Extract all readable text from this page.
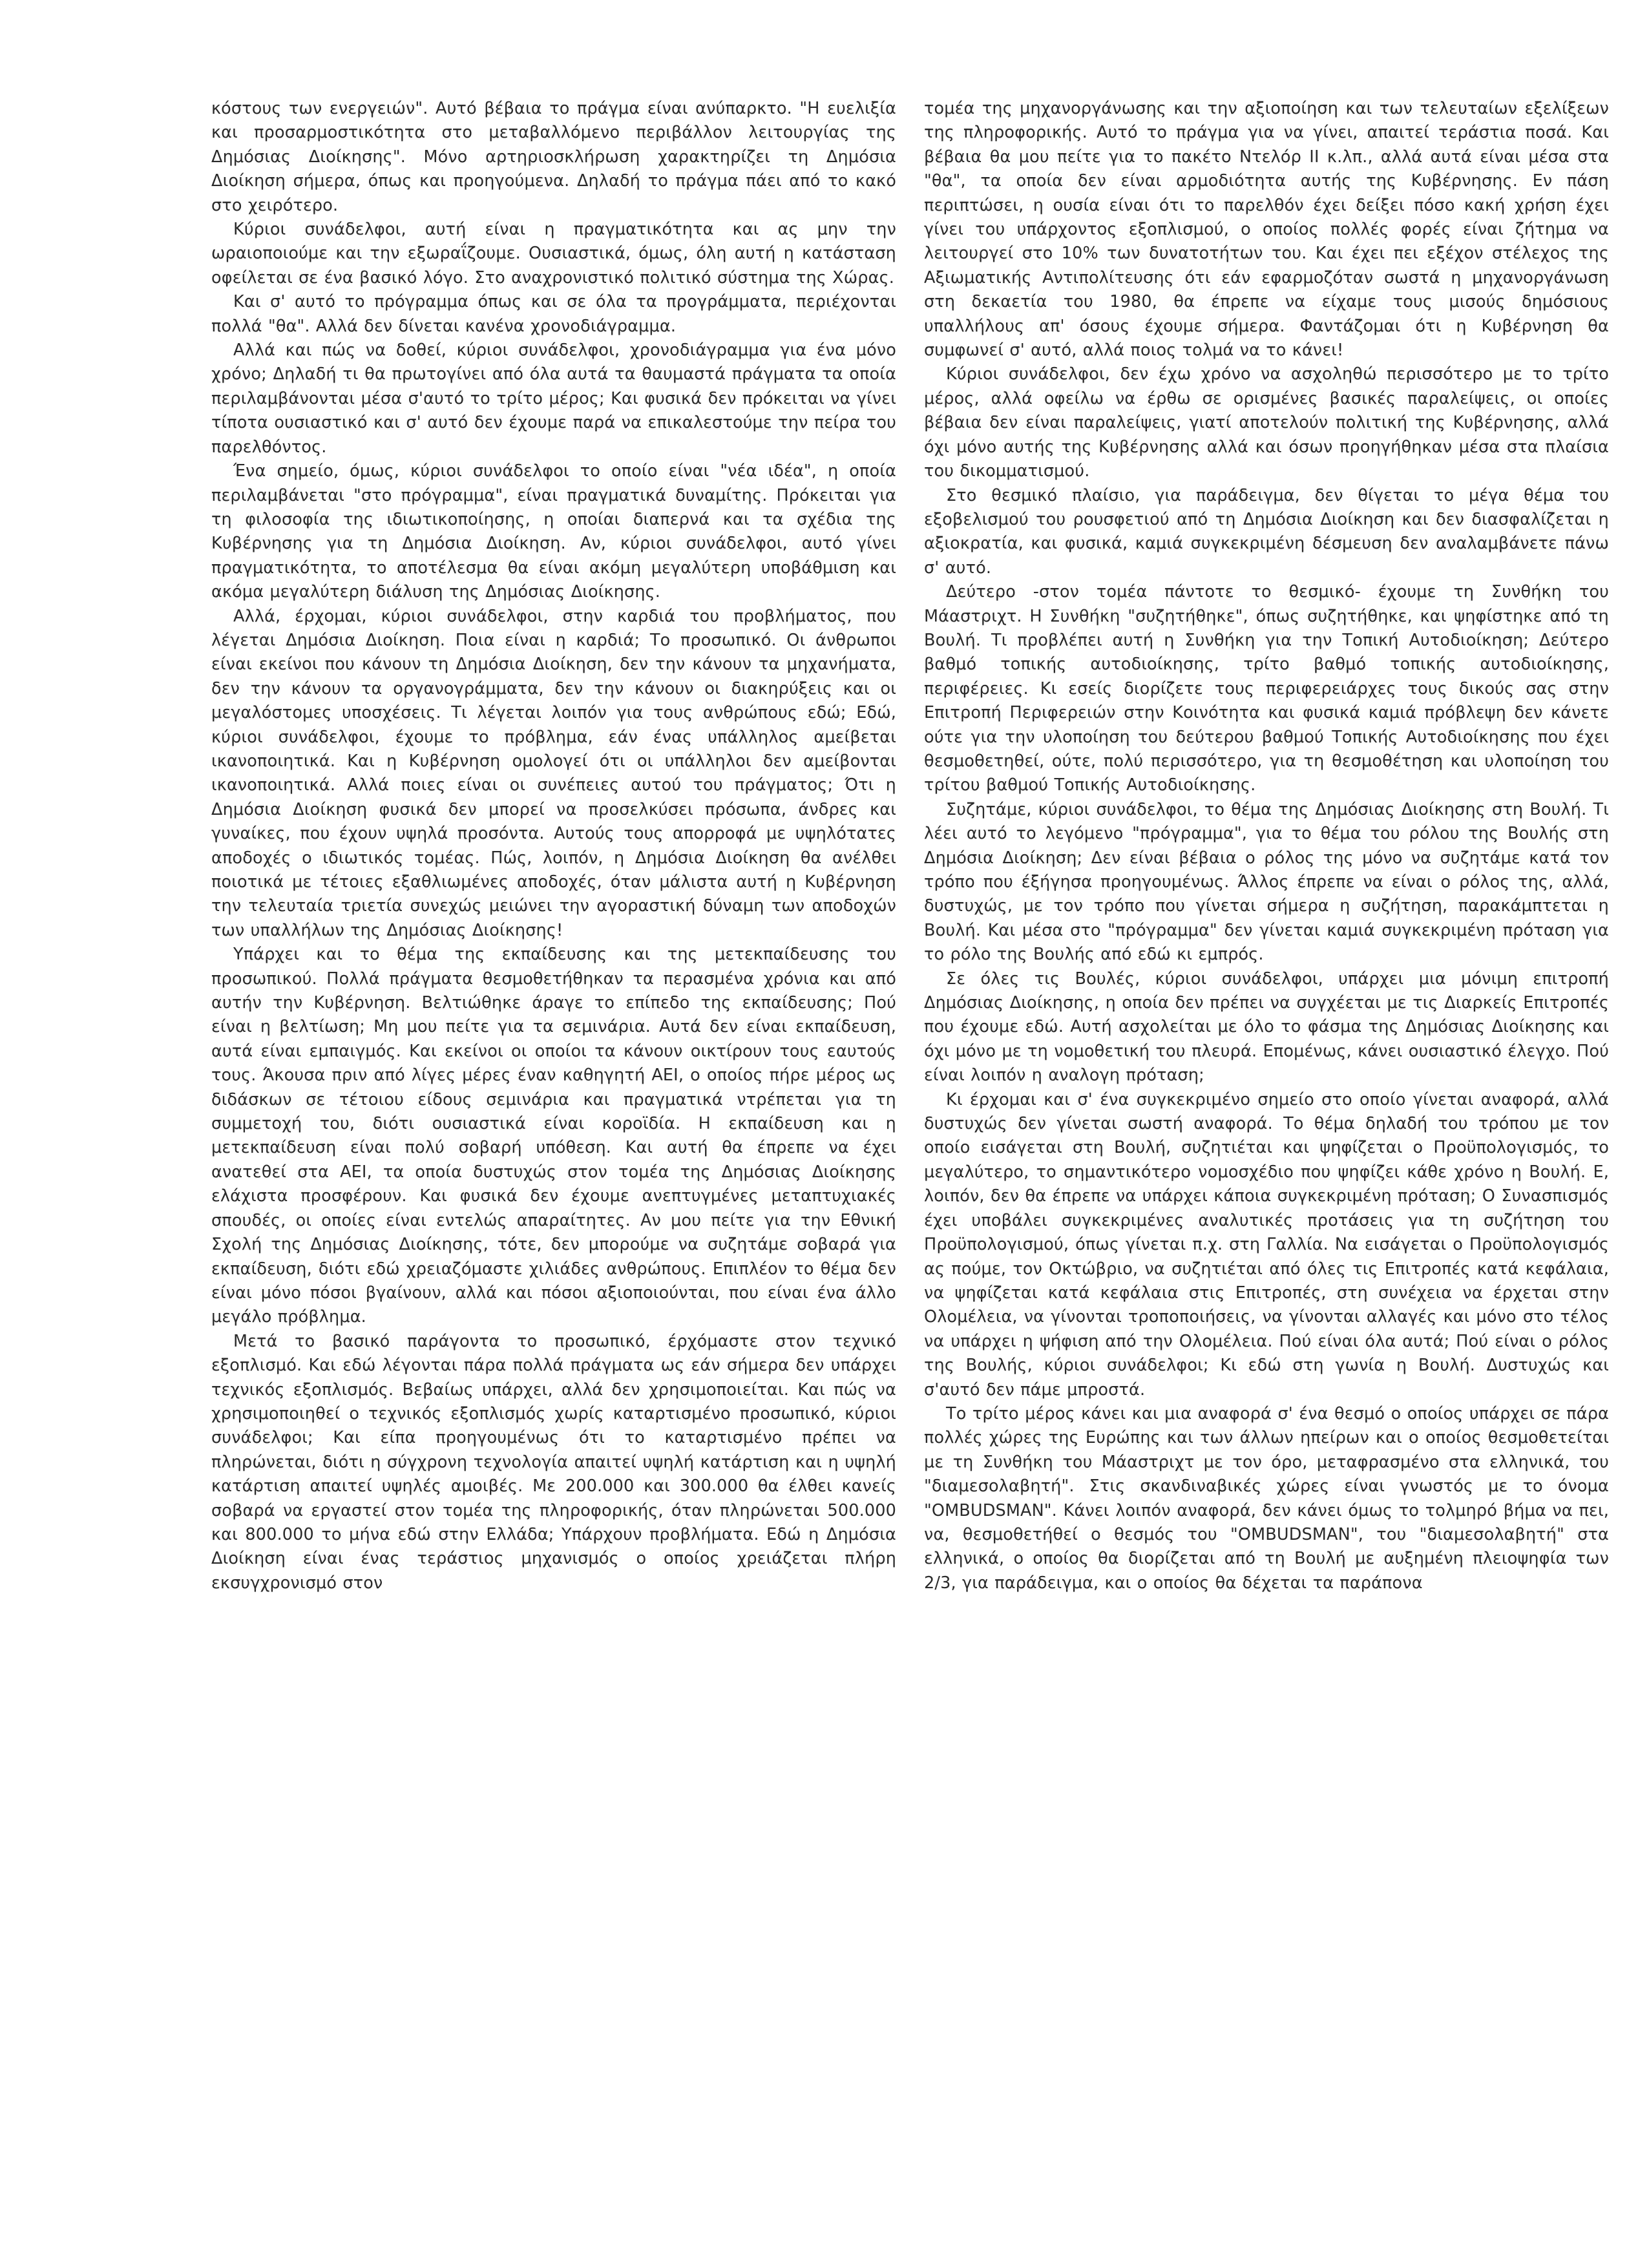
κόστους των ενεργειών". Αυτό βέβαια το πράγμα είναι ανύπαρκτο. "Η ευελιξία και προσαρμοστικότητα στο μεταβαλλόμενο περιβάλλον λειτουργίας της Δημόσιας Διοίκησης". Μόνο αρτηριοσκλήρωση χαρακτηρίζει τη Δημόσια Διοίκηση σήμερα, όπως και προηγούμενα. Δηλαδή το πράγμα πάει από το κακό στο χειρότερο.

Κύριοι συνάδελφοι, αυτή είναι η πραγματικότητα και ας μην την ωραιοποιούμε και την εξωραΐζουμε. Ουσιαστικά, όμως, όλη αυτή η κατάσταση οφείλεται σε ένα βασικό λόγο. Στο αναχρονιστικό πολιτικό σύστημα της Χώρας.

Και σ' αυτό το πρόγραμμα όπως και σε όλα τα προγράμματα, περιέχονται πολλά "θα". Αλλά δεν δίνεται κανένα χρονοδιάγραμμα.

Αλλά και πώς να δοθεί, κύριοι συνάδελφοι, χρονοδιάγραμμα για ένα μόνο χρόνο; Δηλαδή τι θα πρωτογίνει από όλα αυτά τα θαυμαστά πράγματα τα οποία περιλαμβάνονται μέσα σ'αυτό το τρίτο μέρος; Και φυσικά δεν πρόκειται να γίνει τίποτα ουσιαστικό και σ' αυτό δεν έχουμε παρά να επικαλεστούμε την πείρα του παρελθόντος.

Ένα σημείο, όμως, κύριοι συνάδελφοι το οποίο είναι "νέα ιδέα", η οποία περιλαμβάνεται "στο πρόγραμμα", είναι πραγματικά δυναμίτης. Πρόκειται για τη φιλοσοφία της ιδιωτικοποίησης, η οποίαι διαπερνά και τα σχέδια της Κυβέρνησης για τη Δημόσια Διοίκηση. Αν, κύριοι συνάδελφοι, αυτό γίνει πραγματικότητα, το αποτέλεσμα θα είναι ακόμη μεγαλύτερη υποβάθμιση και ακόμα μεγαλύτερη διάλυση της Δημόσιας Διοίκησης.

Αλλά, έρχομαι, κύριοι συνάδελφοι, στην καρδιά του προβλήματος, που λέγεται Δημόσια Διοίκηση. Ποια είναι η καρδιά; Το προσωπικό. Οι άνθρωποι είναι εκείνοι που κάνουν τη Δημόσια Διοίκηση, δεν την κάνουν τα μηχανήματα, δεν την κάνουν τα οργανογράμματα, δεν την κάνουν οι διακηρύξεις και οι μεγαλόστομες υποσχέσεις. Τι λέγεται λοιπόν για τους ανθρώπους εδώ; Εδώ, κύριοι συνάδελφοι, έχουμε το πρόβλημα, εάν ένας υπάλληλος αμείβεται ικανοποιητικά. Και η Κυβέρνηση ομολογεί ότι οι υπάλληλοι δεν αμείβονται ικανοποιητικά. Αλλά ποιες είναι οι συνέπειες αυτού του πράγματος; Ότι η Δημόσια Διοίκηση φυσικά δεν μπορεί να προσελκύσει πρόσωπα, άνδρες και γυναίκες, που έχουν υψηλά προσόντα. Αυτούς τους απορροφά με υψηλότατες αποδοχές ο ιδιωτικός τομέας. Πώς, λοιπόν, η Δημόσια Διοίκηση θα ανέλθει ποιοτικά με τέτοιες εξαθλιωμένες αποδοχές, όταν μάλιστα αυτή η Κυβέρνηση την τελευταία τριετία συνεχώς μειώνει την αγοραστική δύναμη των αποδοχών των υπαλλήλων της Δημόσιας Διοίκησης!

Υπάρχει και το θέμα της εκπαίδευσης και της μετεκπαίδευσης του προσωπικού. Πολλά πράγματα θεσμοθετήθηκαν τα περασμένα χρόνια και από αυτήν την Κυβέρνηση. Βελτιώθηκε άραγε το επίπεδο της εκπαίδευσης; Πού είναι η βελτίωση; Μη μου πείτε για τα σεμινάρια. Αυτά δεν είναι εκπαίδευση, αυτά είναι εμπαιγμός. Και εκείνοι οι οποίοι τα κάνουν οικτίρουν τους εαυτούς τους. Άκουσα πριν από λίγες μέρες έναν καθηγητή ΑΕΙ, ο οποίος πήρε μέρος ως διδάσκων σε τέτοιου είδους σεμινάρια και πραγματικά ντρέπεται για τη συμμετοχή του, διότι ουσιαστικά είναι κοροϊδία. Η εκπαίδευση και η μετεκπαίδευση είναι πολύ σοβαρή υπόθεση. Και αυτή θα έπρεπε να έχει ανατεθεί στα ΑΕΙ, τα οποία δυστυχώς στον τομέα της Δημόσιας Διοίκησης ελάχιστα προσφέρουν. Και φυσικά δεν έχουμε ανεπτυγμένες μεταπτυχιακές σπουδές, οι οποίες είναι εντελώς απαραίτητες. Αν μου πείτε για την Εθνική Σχολή της Δημόσιας Διοίκησης, τότε, δεν μπορούμε να συζητάμε σοβαρά για εκπαίδευση, διότι εδώ χρειαζόμαστε χιλιάδες ανθρώπους. Επιπλέον το θέμα δεν είναι μόνο πόσοι βγαίνουν, αλλά και πόσοι αξιοποιούνται, που είναι ένα άλλο μεγάλο πρόβλημα.

Μετά το βασικό παράγοντα το προσωπικό, έρχόμαστε στον τεχνικό εξοπλισμό. Και εδώ λέγονται πάρα πολλά πράγματα ως εάν σήμερα δεν υπάρχει τεχνικός εξοπλισμός. Βεβαίως υπάρχει, αλλά δεν χρησιμοποιείται. Και πώς να χρησιμοποιηθεί ο τεχνικός εξοπλισμός χωρίς καταρτισμένο προσωπικό, κύριοι συνάδελφοι; Και είπα προηγουμένως ότι το καταρτισμένο πρέπει να πληρώνεται, διότι η σύγχρονη τεχνολογία απαιτεί υψηλή κατάρτιση και η υψηλή κατάρτιση απαιτεί υψηλές αμοιβές. Με 200.000 και 300.000 θα έλθει κανείς σοβαρά να εργαστεί στον τομέα της πληροφορικής, όταν πληρώνεται 500.000 και 800.000 το μήνα εδώ στην Ελλάδα; Υπάρχουν προβλήματα. Εδώ η Δημόσια Διοίκηση είναι ένας τεράστιος μηχανισμός ο οποίος χρειάζεται πλήρη εκσυγχρονισμό στον

τομέα της μηχανοργάνωσης και την αξιοποίηση και των τελευταίων εξελίξεων της πληροφορικής. Αυτό το πράγμα για να γίνει, απαιτεί τεράστια ποσά. Και βέβαια θα μου πείτε για το πακέτο Ντελόρ ΙΙ κ.λπ., αλλά αυτά είναι μέσα στα "θα", τα οποία δεν είναι αρμοδιότητα αυτής της Κυβέρνησης. Εν πάση περιπτώσει, η ουσία είναι ότι το παρελθόν έχει δείξει πόσο κακή χρήση έχει γίνει του υπάρχοντος εξοπλισμού, ο οποίος πολλές φορές είναι ζήτημα να λειτουργεί στο 10% των δυνατοτήτων του. Και έχει πει εξέχον στέλεχος της Αξιωματικής Αντιπολίτευσης ότι εάν εφαρμοζόταν σωστά η μηχανοργάνωση στη δεκαετία του 1980, θα έπρεπε να είχαμε τους μισούς δημόσιους υπαλλήλους απ' όσους έχουμε σήμερα. Φαντάζομαι ότι η Κυβέρνηση θα συμφωνεί σ' αυτό, αλλά ποιος τολμά να το κάνει!

Κύριοι συνάδελφοι, δεν έχω χρόνο να ασχοληθώ περισσότερο με το τρίτο μέρος, αλλά οφείλω να έρθω σε ορισμένες βασικές παραλείψεις, οι οποίες βέβαια δεν είναι παραλείψεις, γιατί αποτελούν πολιτική της Κυβέρνησης, αλλά όχι μόνο αυτής της Κυβέρνησης αλλά και όσων προηγήθηκαν μέσα στα πλαίσια του δικομματισμού.

Στο θεσμικό πλαίσιο, για παράδειγμα, δεν θίγεται το μέγα θέμα του εξοβελισμού του ρουσφετιού από τη Δημόσια Διοίκηση και δεν διασφαλίζεται η αξιοκρατία, και φυσικά, καμιά συγκεκριμένη δέσμευση δεν αναλαμβάνετε πάνω σ' αυτό.

Δεύτερο -στον τομέα πάντοτε το θεσμικό- έχουμε τη Συνθήκη του Μάαστριχτ. Η Συνθήκη "συζητήθηκε", όπως συζητήθηκε, και ψηφίστηκε από τη Βουλή. Τι προβλέπει αυτή η Συνθήκη για την Τοπική Αυτοδιοίκηση; Δεύτερο βαθμό τοπικής αυτοδιοίκησης, τρίτο βαθμό τοπικής αυτοδιοίκησης, περιφέρειες. Κι εσείς διορίζετε τους περιφερειάρχες τους δικούς σας στην Επιτροπή Περιφερειών στην Κοινότητα και φυσικά καμιά πρόβλεψη δεν κάνετε ούτε για την υλοποίηση του δεύτερου βαθμού Τοπικής Αυτοδιοίκησης που έχει θεσμοθετηθεί, ούτε, πολύ περισσότερο, για τη θεσμοθέτηση και υλοποίηση του τρίτου βαθμού Τοπικής Αυτοδιοίκησης.

Συζητάμε, κύριοι συνάδελφοι, το θέμα της Δημόσιας Διοίκησης στη Βουλή. Τι λέει αυτό το λεγόμενο "πρόγραμμα", για το θέμα του ρόλου της Βουλής στη Δημόσια Διοίκηση; Δεν είναι βέβαια ο ρόλος της μόνο να συζητάμε κατά τον τρόπο που έξήγησα προηγουμένως. Άλλος έπρεπε να είναι ο ρόλος της, αλλά, δυστυχώς, με τον τρόπο που γίνεται σήμερα η συζήτηση, παρακάμπτεται η Βουλή. Και μέσα στο "πρόγραμμα" δεν γίνεται καμιά συγκεκριμένη πρόταση για το ρόλο της Βουλής από εδώ κι εμπρός.

Σε όλες τις Βουλές, κύριοι συνάδελφοι, υπάρχει μια μόνιμη επιτροπή Δημόσιας Διοίκησης, η οποία δεν πρέπει να συγχέεται με τις Διαρκείς Επιτροπές που έχουμε εδώ. Αυτή ασχολείται με όλο το φάσμα της Δημόσιας Διοίκησης και όχι μόνο με τη νομοθετική του πλευρά. Επομένως, κάνει ουσιαστικό έλεγχο. Πού είναι λοιπόν η αναλογη πρόταση;

Κι έρχομαι και σ' ένα συγκεκριμένο σημείο στο οποίο γίνεται αναφορά, αλλά δυστυχώς δεν γίνεται σωστή αναφορά. Το θέμα δηλαδή του τρόπου με τον οποίο εισάγεται στη Βουλή, συζητιέται και ψηφίζεται ο Προϋπολογισμός, το μεγαλύτερο, το σημαντικότερο νομοσχέδιο που ψηφίζει κάθε χρόνο η Βουλή. Ε, λοιπόν, δεν θα έπρεπε να υπάρχει κάποια συγκεκριμένη πρόταση; Ο Συνασπισμός έχει υποβάλει συγκεκριμένες αναλυτικές προτάσεις για τη συζήτηση του Προϋπολογισμού, όπως γίνεται π.χ. στη Γαλλία. Να εισάγεται ο Προϋπολογισμός ας πούμε, τον Οκτώβριο, να συζητιέται από όλες τις Επιτροπές κατά κεφάλαια, να ψηφίζεται κατά κεφάλαια στις Επιτροπές, στη συνέχεια να έρχεται στην Ολομέλεια, να γίνονται τροποποιήσεις, να γίνονται αλλαγές και μόνο στο τέλος να υπάρχει η ψήφιση από την Ολομέλεια. Πού είναι όλα αυτά; Πού είναι ο ρόλος της Βουλής, κύριοι συνάδελφοι; Κι εδώ στη γωνία η Βουλή. Δυστυχώς και σ'αυτό δεν πάμε μπροστά.

Το τρίτο μέρος κάνει και μια αναφορά σ' ένα θεσμό ο οποίος υπάρχει σε πάρα πολλές χώρες της Ευρώπης και των άλλων ηπείρων και ο οποίος θεσμοθετείται με τη Συνθήκη του Μάαστριχτ με τον όρο, μεταφρασμένο στα ελληνικά, του "διαμεσολαβητή". Στις σκανδιναβικές χώρες είναι γνωστός με το όνομα "OMBUDSMAN". Κάνει λοιπόν αναφορά, δεν κάνει όμως το τολμηρό βήμα να πει, να, θεσμοθετήθεί ο θεσμός του "OMBUDSMAN", του "διαμεσολαβητή" στα ελληνικά, ο οποίος θα διορίζεται από τη Βουλή με αυξημένη πλειοψηφία των 2/3, για παράδειγμα, και ο οποίος θα δέχεται τα παράπονα
